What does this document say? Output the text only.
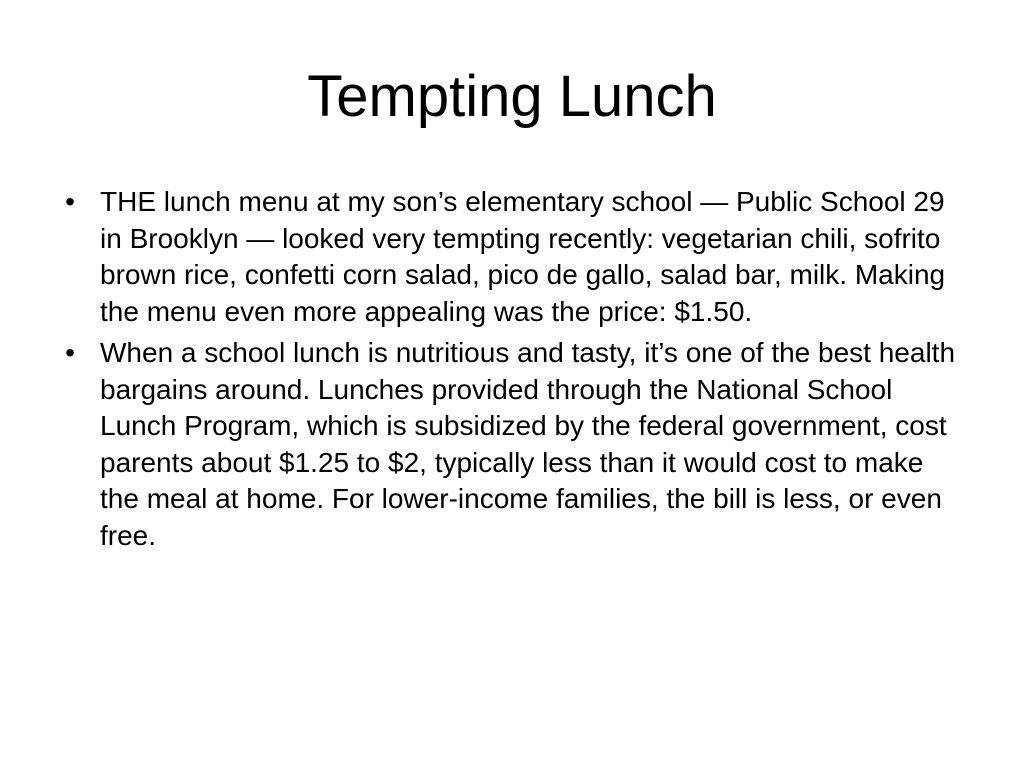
Tempting Lunch
• THE lunch menu at my son’s elementary school — Public School 29 in Brooklyn — looked very tempting recently: vegetarian chili, sofrito brown rice, confetti corn salad, pico de gallo, salad bar, milk. Making the menu even more appealing was the price: $1.50.
• When a school lunch is nutritious and tasty, it’s one of the best health bargains around. Lunches provided through the National School Lunch Program, which is subsidized by the federal government, cost parents about $1.25 to $2, typically less than it would cost to make the meal at home. For lower-income families, the bill is less, or even free.
